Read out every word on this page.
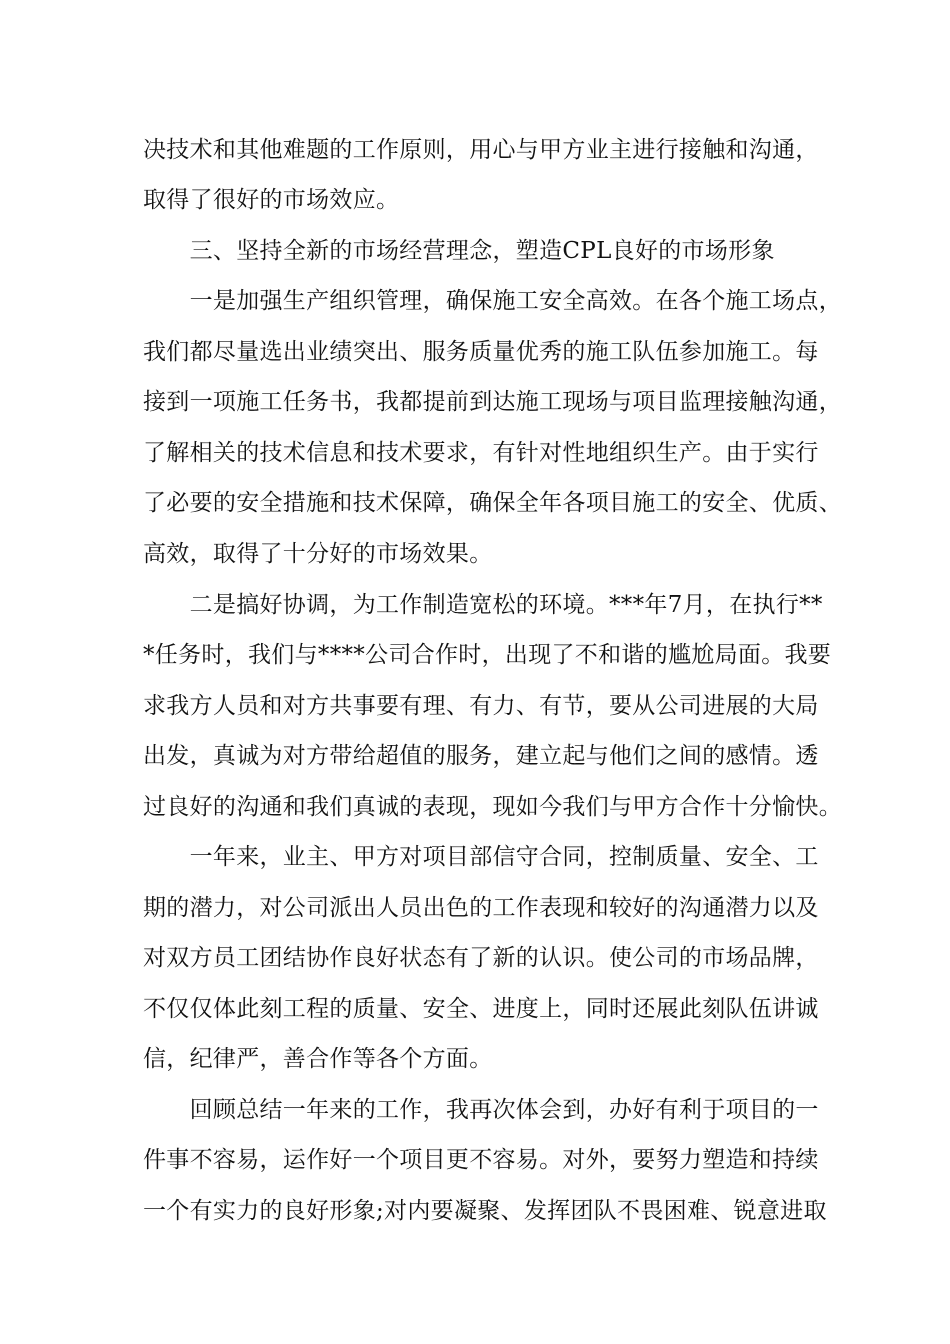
决技术和其他难题的工作原则，用心与甲方业主进行接触和沟通，
取得了很好的市场效应。
　　三、坚持全新的市场经营理念，塑造CPL良好的市场形象
　　一是加强生产组织管理，确保施工安全高效。在各个施工场点，
我们都尽量选出业绩突出、服务质量优秀的施工队伍参加施工。每
接到一项施工任务书，我都提前到达施工现场与项目监理接触沟通，
了解相关的技术信息和技术要求，有针对性地组织生产。由于实行
了必要的安全措施和技术保障，确保全年各项目施工的安全、优质、
高效，取得了十分好的市场效果。
　　二是搞好协调，为工作制造宽松的环境。***年7月，在执行**
*任务时，我们与****公司合作时，出现了不和谐的尴尬局面。我要
求我方人员和对方共事要有理、有力、有节，要从公司进展的大局
出发，真诚为对方带给超值的服务，建立起与他们之间的感情。透
过良好的沟通和我们真诚的表现，现如今我们与甲方合作十分愉快。
　　一年来，业主、甲方对项目部信守合同，控制质量、安全、工
期的潜力，对公司派出人员出色的工作表现和较好的沟通潜力以及
对双方员工团结协作良好状态有了新的认识。使公司的市场品牌，
不仅仅体此刻工程的质量、安全、进度上，同时还展此刻队伍讲诚
信，纪律严，善合作等各个方面。
　　回顾总结一年来的工作，我再次体会到，办好有利于项目的一
件事不容易，运作好一个项目更不容易。对外，要努力塑造和持续
一个有实力的良好形象;对内要凝聚、发挥团队不畏困难、锐意进取
